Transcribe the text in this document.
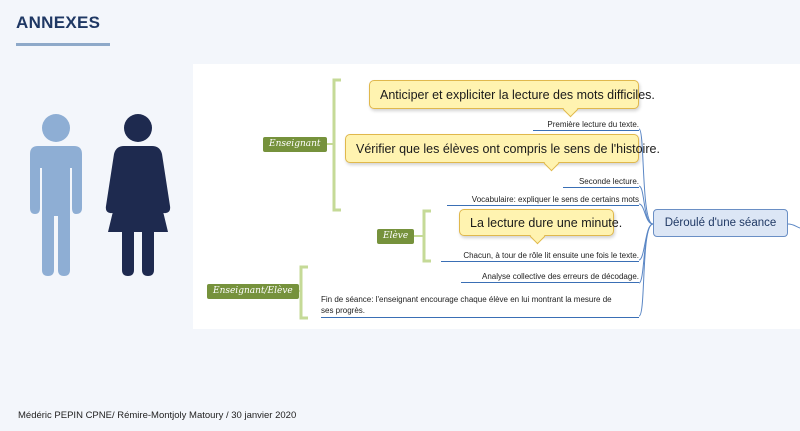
ANNEXES
Enseignant
Elève
Enseignant/Elève
Anticiper et expliciter la lecture des mots difficiles.
Vérifier que les élèves ont compris le sens de l'histoire.
La lecture dure une minute.
Première lecture du texte.
Seconde lecture.
Vocabulaire: expliquer le sens de certains mots
Chacun, à tour de rôle lit ensuite une fois le texte.
Analyse collective des erreurs de décodage.
Fin de séance: l'enseignant encourage chaque élève en lui montrant la mesure de
ses progrès.
Déroulé d'une séance
Médéric PEPIN CPNE/ Rémire-Montjoly Matoury / 30 janvier 2020
